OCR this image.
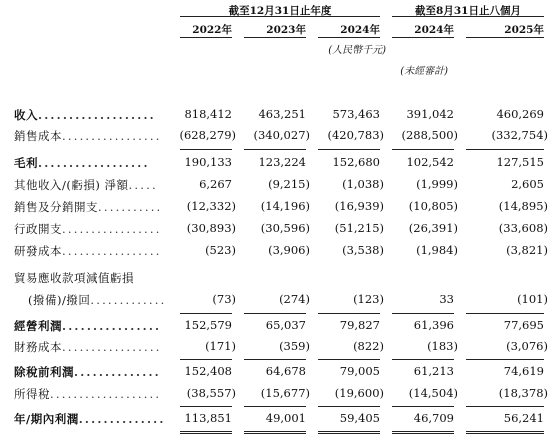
截至12月31日止年度	截至8月31日止八個月
2022年	2023年	2024年	2024年	2025年
(人民幣千元)
(未經審計)
收入...................	818,412	463,251	573,463	391,042	460,269
銷售成本.................	(628,279)	(340,027)	(420,783)	(288,500)	(332,754)
毛利..................	190,133	123,224	152,680	102,542	127,515
其他收入/(虧損) 淨額.....	6,267	(9,215)	(1,038)	(1,999)	2,605
銷售及分銷開支...........	(12,332)	(14,196)	(16,939)	(10,805)	(14,895)
行政開支.................	(30,893)	(30,596)	(51,215)	(26,391)	(33,608)
研發成本.................	(523)	(3,906)	(3,538)	(1,984)	(3,821)
貿易應收款項減值虧損
(撥備)/撥回.............	(73)	(274)	(123)	33	(101)
經營利潤................	152,579	65,037	79,827	61,396	77,695
財務成本.................	(171)	(359)	(822)	(183)	(3,076)
除稅前利潤..............	152,408	64,678	79,005	61,213	74,619
所得稅...................	(38,557)	(15,677)	(19,600)	(14,504)	(18,378)
年/期內利潤..............	113,851	49,001	59,405	46,709	56,241
